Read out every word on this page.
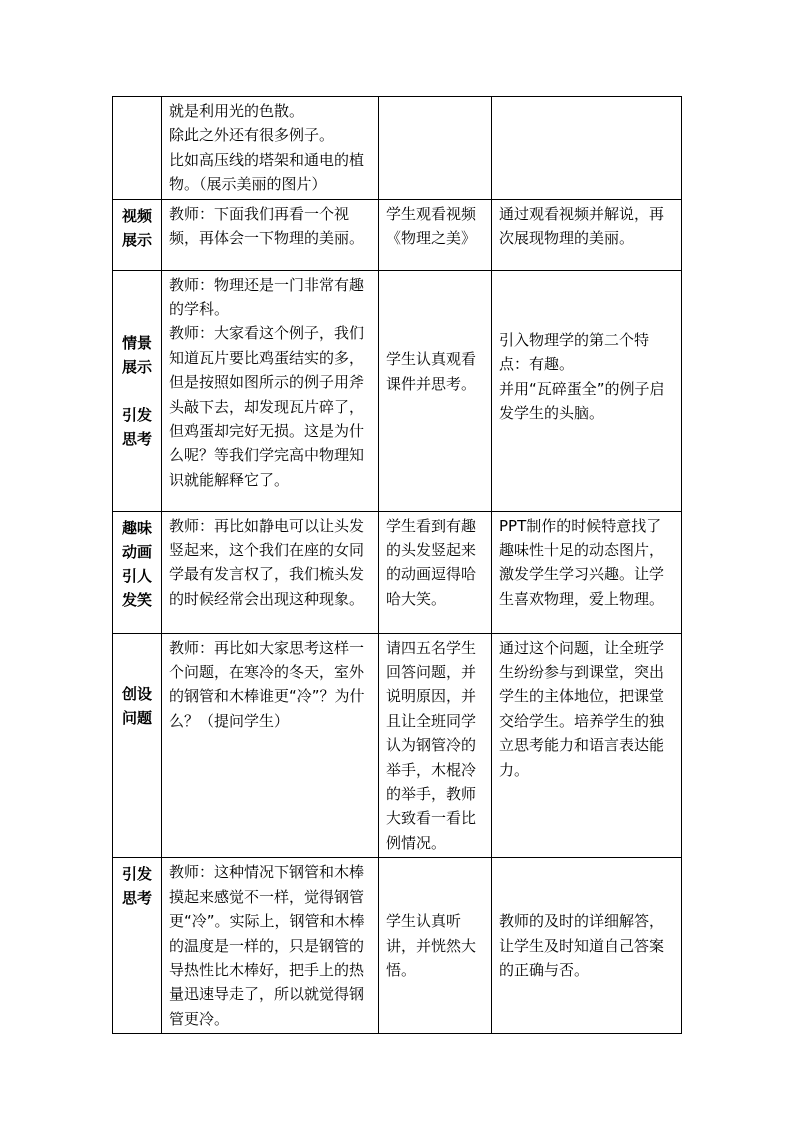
	就是利用光的色散。
除此之外还有很多例子。
比如高压线的塔架和通电的植物。（展示美丽的图片）		

视频
展示	教师：下面我们再看一个视频，再体会一下物理的美丽。	学生观看视频《物理之美》	通过观看视频并解说，再次展现物理的美丽。

情景
展示
引发
思考	教师：物理还是一门非常有趣的学科。
教师：大家看这个例子，我们知道瓦片要比鸡蛋结实的多，但是按照如图所示的例子用斧头敲下去，却发现瓦片碎了，但鸡蛋却完好无损。这是为什么呢？等我们学完高中物理知识就能解释它了。	学生认真观看课件并思考。	引入物理学的第二个特点：有趣。
并用“瓦碎蛋全”的例子启发学生的头脑。

趣味
动画
引人
发笑	教师：再比如静电可以让头发竖起来，这个我们在座的女同学最有发言权了，我们梳头发的时候经常会出现这种现象。	学生看到有趣的头发竖起来的动画逗得哈哈大笑。	PPT制作的时候特意找了趣味性十足的动态图片，激发学生学习兴趣。让学生喜欢物理，爱上物理。

创设
问题	教师：再比如大家思考这样一个问题，在寒冷的冬天，室外的钢管和木棒谁更“冷”？为什么？（提问学生）	请四五名学生回答问题，并说明原因，并且让全班同学认为钢管冷的举手，木棍冷的举手，教师大致看一看比例情况。	通过这个问题，让全班学生纷纷参与到课堂，突出学生的主体地位，把课堂交给学生。培养学生的独立思考能力和语言表达能力。

引发
思考	教师：这种情况下钢管和木棒摸起来感觉不一样，觉得钢管更“冷”。实际上，钢管和木棒的温度是一样的，只是钢管的导热性比木棒好，把手上的热量迅速导走了，所以就觉得钢管更冷。	学生认真听讲，并恍然大悟。	教师的及时的详细解答，让学生及时知道自己答案的正确与否。
